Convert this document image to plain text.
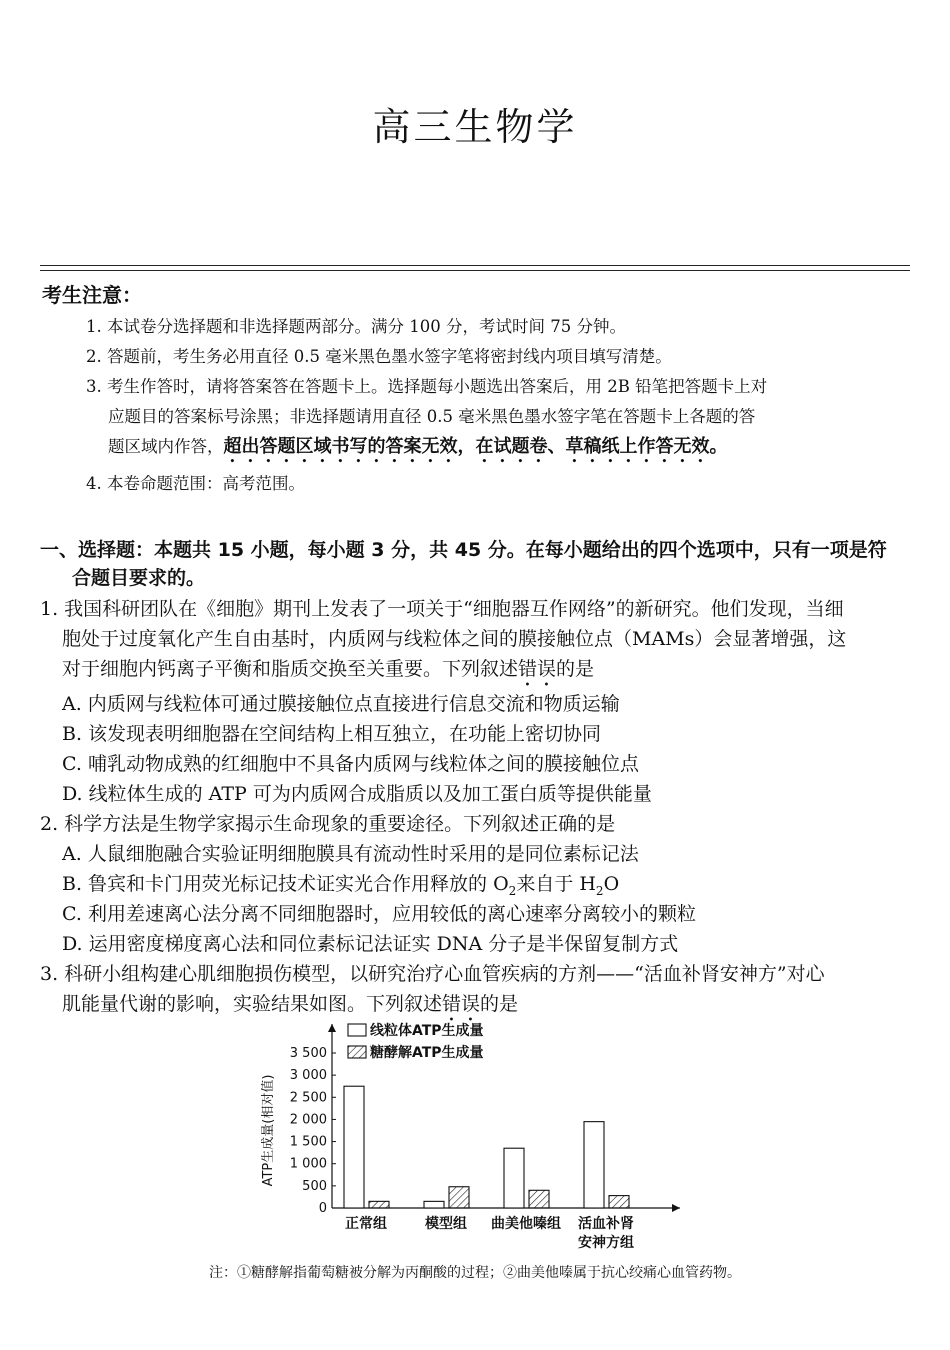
高三生物学
考生注意：
1. 本试卷分选择题和非选择题两部分。满分 100 分，考试时间 75 分钟。
2. 答题前，考生务必用直径 0.5 毫米黑色墨水签字笔将密封线内项目填写清楚。
3. 考生作答时，请将答案答在答题卡上。选择题每小题选出答案后，用 2B 铅笔把答题卡上对
应题目的答案标号涂黑；非选择题请用直径 0.5 毫米黑色墨水签字笔在答题卡上各题的答
题区域内作答，超出答题区域书写的答案无效，在试题卷、草稿纸上作答无效。
4. 本卷命题范围：高考范围。
一、选择题：本题共 15 小题，每小题 3 分，共 45 分。在每小题给出的四个选项中，只有一项是符
合题目要求的。
1. 我国科研团队在《细胞》期刊上发表了一项关于“细胞器互作网络”的新研究。他们发现，当细
胞处于过度氧化产生自由基时，内质网与线粒体之间的膜接触位点（MAMs）会显著增强，这
对于细胞内钙离子平衡和脂质交换至关重要。下列叙述错误的是
A. 内质网与线粒体可通过膜接触位点直接进行信息交流和物质运输
B. 该发现表明细胞器在空间结构上相互独立，在功能上密切协同
C. 哺乳动物成熟的红细胞中不具备内质网与线粒体之间的膜接触位点
D. 线粒体生成的 ATP 可为内质网合成脂质以及加工蛋白质等提供能量
2. 科学方法是生物学家揭示生命现象的重要途径。下列叙述正确的是
A. 人鼠细胞融合实验证明细胞膜具有流动性时采用的是同位素标记法
B. 鲁宾和卡门用荧光标记技术证实光合作用释放的 $O_2$来自于 $H_2O$
C. 利用差速离心法分离不同细胞器时，应用较低的离心速率分离较小的颗粒
D. 运用密度梯度离心法和同位素标记法证实 DNA 分子是半保留复制方式
3. 科研小组构建心肌细胞损伤模型，以研究治疗心血管疾病的方剂——“活血补肾安神方”对心
肌能量代谢的影响，实验结果如图。下列叙述错误的是
0
500
1 000
1 500
2 000
2 500
3 000
3 500
ATP生成量(相对值)
正常组	模型组 曲美他嗪组 活血补肾
安神方组
线粒体ATP生成量
糖酵解ATP生成量
注：①糖酵解指葡萄糖被分解为丙酮酸的过程；②曲美他嗪属于抗心绞痛心血管药物。
